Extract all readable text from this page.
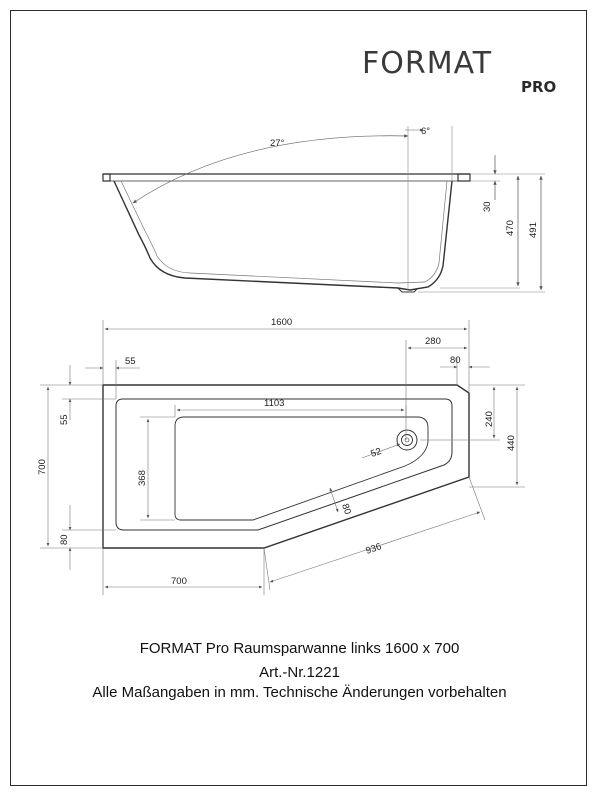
FORMAT
PRO
27°
6°
30
470 491
1600
280
80
55
55
1103
240
440
700
368
52
80
80
936
700
FORMAT Pro Raumsparwanne links 1600 x 700
Art.-Nr.1221
Alle Maßangaben in mm. Technische Änderungen vorbehalten
